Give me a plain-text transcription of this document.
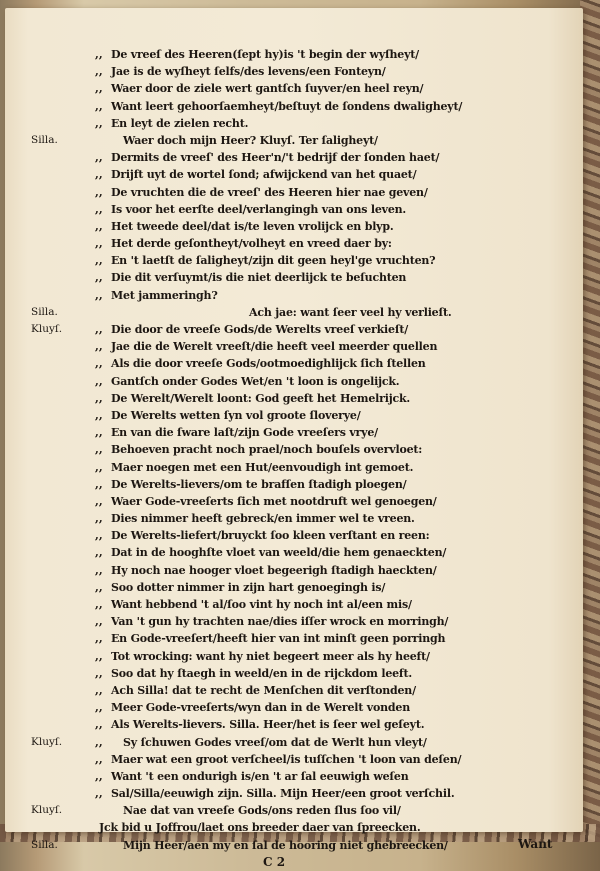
,, De vreeſ des Heeren(ſept hy)is 't begin der wyſheyt/
,, Jae is de wyſheyt ſelfs/des levens/een Fonteyn/
,, Waer door de ziele wert gantſch ſuyver/en heel reyn/
,, Want leert gehoorſaemheyt/beſtuyt de ſondens dwaligheyt/
,, En leyt de zielen recht.
Silla.	Waer doch mijn Heer? Kluyſ. Ter ſaligheyt/
,, Dermits de vreeſ' des Heer'n/'t bedrijf der ſonden haet/
,, Drijft uyt de wortel ſond; afwijckend van het quaet/
,, De vruchten die de vreeſ' des Heeren hier nae geven/
,, Is voor het eerſte deel/verlangingh van ons leven.
,, Het tweede deel/dat is/te leven vrolijck en blyp.
,, Het derde geſontheyt/volheyt en vreed daer by:
,, En 't laetſt de ſaligheyt/zijn dit geen heyl'ge vruchten?
,, Die dit verſuymt/is die niet deerlijck te beſuchten
,, Met jammeringh?
Silla.	Ach jae: want ſeer veel hy verlieſt.
Kluyſ.	,, Die door de vreeſe Gods/de Werelts vreeſ verkieſt/
,, Jae die de Werelt vreeſt/die heeft veel meerder quellen
,, Als die door vreeſe Gods/ootmoedighlijck ſich ſtellen
,, Gantſch onder Godes Wet/en 't loon is ongelijck.
,, De Werelt/Werelt loont: God geeft het Hemelrijck.
,, De Werelts wetten ſyn vol groote ſloverye/
,, En van die ſware laſt/zijn Gode vreeſers vrye/
,, Behoeven pracht noch prael/noch bouſels overvloet:
,, Maer noegen met een Hut/eenvoudigh int gemoet.
,, De Werelts-lievers/om te brafſen ſtadigh ploegen/
,, Waer Gode-vreeſerts ſich met nootdruft wel genoegen/
,, Dies nimmer heeft gebreck/en immer wel te vreen.
,, De Werelts-liefert/bruyckt ſoo kleen verſtant en reen:
,, Dat in de hooghſte vloet van weeld/die hem genaeckten/
,, Hy noch nae hooger vloet begeerigh ſtadigh haeckten/
,, Soo dotter nimmer in zijn hart genoegingh is/
,, Want hebbend 't al/ſoo vint hy noch int al/een mis/
,, Van 't gun hy trachten nae/dies iſſer wrock en morringh/
,, En Gode-vreeſert/heeft hier van int minſt geen porringh
,, Tot wrocking: want hy niet begeert meer als hy heeft/
,, Soo dat hy ſtaegh in weeld/en in de rijckdom leeft.
,, Ach Silla! dat te recht de Menſchen dit verſtonden/
,, Meer Gode-vreeſerts/wyn dan in de Werelt vonden
,, Als Werelts-lievers. Silla. Heer/het is ſeer wel geſeyt.
Kluyſ.	,, Sy ſchuwen Godes vreeſ/om dat de Werlt hun vleyt/
,, Maer wat een groot verſcheel/is tuſſchen 't loon van deſen/
,, Want 't een ondurigh is/en 't ar ſal eeuwigh weſen
,, Sal/Silla/eeuwigh zijn. Silla. Mijn Heer/een groot verſchil.
Kluyſ.	Nae dat van vreeſe Gods/ons reden ſlus ſoo vil/
Jck bid u Joffrou/laet ons breeder daer van ſpreecken.
Silla.	Mijn Heer/aen my en ſal de hooring niet ghebreecken/
C 2
Want
